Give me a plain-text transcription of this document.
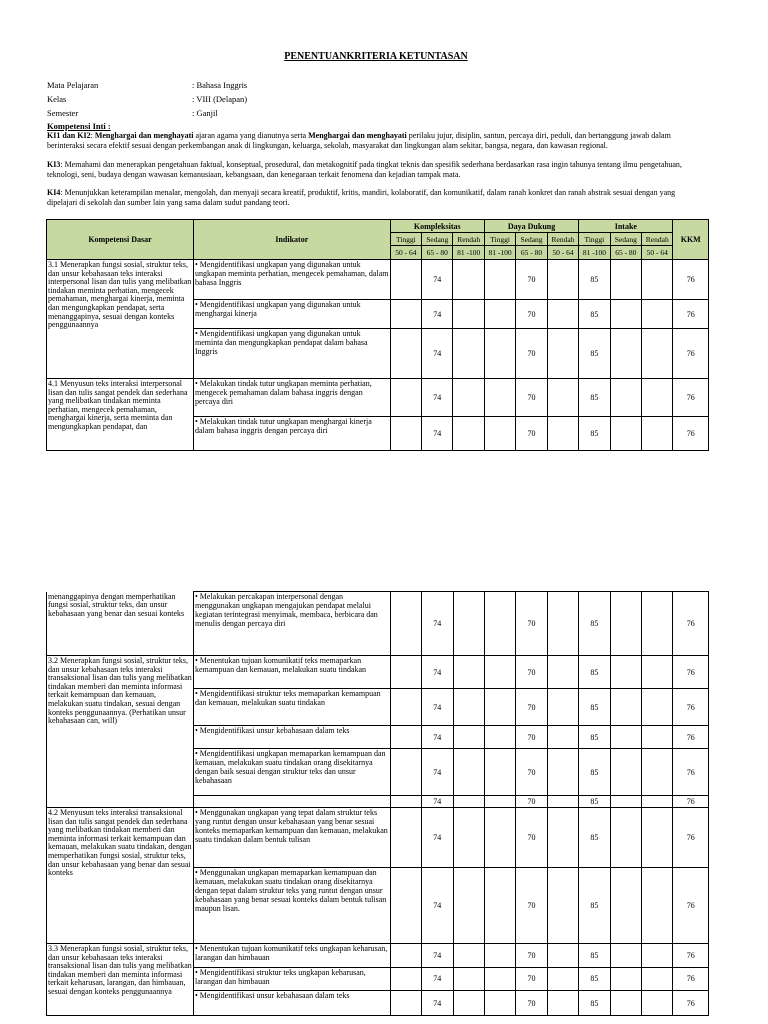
PENENTUANKRITERIA KETUNTASAN
Mata Pelajaran	: Bahasa Inggris
Kelas	: VIII (Delapan)
Semester	: Ganjil
Kompetensi Inti :
KI1 dan KI2: Menghargai dan menghayati ajaran agama yang dianutnya serta Menghargai dan menghayati perilaku jujur, disiplin, santun, percaya diri, peduli, dan bertanggung jawab dalam berinteraksi secara efektif sesuai dengan perkembangan anak di lingkungan, keluarga, sekolah, masyarakat dan lingkungan alam sekitar, bangsa, negara, dan kawasan regional.
KI3: Memahami dan menerapkan pengetahuan faktual, konseptual, prosedural, dan metakognitif pada tingkat teknis dan spesifik sederhana berdasarkan rasa ingin tahunya tentang ilmu pengetahuan, teknologi, seni, budaya dengan wawasan kemanusiaan, kebangsaan, dan kenegaraan terkait fenomena dan kejadian tampak mata.
KI4: Menunjukkan keterampilan menalar, mengolah, dan menyaji secara kreatif, produktif, kritis, mandiri, kolaboratif, dan komunikatif, dalam ranah konkret dan ranah abstrak sesuai dengan yang dipelajari di sekolah dan sumber lain yang sama dalam sudut pandang teori.
Kompetensi Dasar	Indikator	Kompleksitas			Daya Dukung			Intake			KKM
		Tinggi	Sedang	Rendah	Tinggi	Sedang	Rendah	Tinggi	Sedang	Rendah	
		50 - 64	65 - 80	81 -100	81 -100	65 - 80	50 - 64	81 -100	65 - 80	50 - 64	
3.1 Menerapkan fungsi sosial, struktur teks, dan unsur kebahasaan teks interaksi interpersonal lisan dan tulis yang melibatkan tindakan meminta perhatian, mengecek pemahaman, menghargai kinerja, meminta dan mengungkapkan pendapat, serta menanggapinya, sesuai dengan konteks penggunaannya	• Mengidentifikasi ungkapan yang digunakan untuk ungkapan meminta perhatian, mengecek pemahaman, dalam bahasa Inggris		74			70		85			76
	• Mengidentifikasi ungkapan yang digunakan untuk menghargai kinerja		74			70		85			76
	• Mengidentifikasi ungkapan yang digunakan untuk meminta dan mengungkapkan pendapat dalam bahasa Inggris		74			70		85			76

4.1 Menyusun teks interaksi interpersonal lisan dan tulis sangat pendek dan sederhana yang melibatkan tindakan meminta perhatian, mengecek pemahaman, menghargai kinerja, serta meminta dan mengungkapkan pendapat, dan	• Melakukan tindak tutur ungkapan meminta perhatian, mengecek pemahaman dalam bahasa inggris dengan percaya diri		74			70		85			76
	• Melakukan tindak tutur ungkapan menghargai kinerja dalam bahasa inggris dengan percaya diri		74			70		85			76
menanggapinya dengan memperhatikan fungsi sosial, struktur teks, dan unsur kebahasaan yang benar dan sesuai konteks	• Melakukan percakapan interpersonal dengan menggunakan ungkapan mengajukan pendapat melalui kegiatan terintegrasi menyimak, membaca, berbicara dan menulis dengan percaya diri		74			70		85			76
3.2 Menerapkan fungsi sosial, struktur teks, dan unsur kebahasaan teks interaksi transaksional lisan dan tulis yang melibatkan tindakan memberi dan meminta informasi terkait kemampuan dan kemauan, melakukan suatu tindakan, sesuai dengan konteks penggunaannya. (Perhatikan unsur kebahasaan can, will)	• Menentukan tujuan komunikatif teks memaparkan kemampuan dan kemauan, melakukan suatu tindakan		74			70		85			76
	• Mengidentifikasi struktur teks memaparkan kemampuan dan kemauan, melakukan suatu tindakan		74			70		85			76
	• Mengidentifikasi unsur kebahasaan dalam teks		74			70		85			76
	• Mengidentifikasi ungkapan memaparkan kemampuan dan kemauan, melakukan suatu tindakan orang disekitarnya dengan baik sesuai dengan struktur teks dan unsur kebahasaan		74			70		85			76
			74			70		85			76
4.2 Menyusun teks interaksi transaksional lisan dan tulis sangat pendek dan sederhana yang melibatkan tindakan memberi dan meminta informasi terkait kemampuan dan kemauan, melakukan suatu tindakan, dengan memperhatikan fungsi sosial, struktur teks, dan unsur kebahasaan yang benar dan sesuai konteks	• Menggunakan ungkapan yang tepat dalam struktur teks yang runtut dengan unsur kebahasaan yang benar sesuai konteks memaparkan kemampuan dan kemauan, melakukan suatu tindakan dalam bentuk tulisan		74			70		85			76
	• Menggunakan ungkapan memaparkan kemampuan dan kemauan, melakukan suatu tindakan orang disekitarnya dengan tepat dalam struktur teks yang runtut dengan unsur kebahasaan yang benar sesuai konteks dalam bentuk tulisan maupun lisan.		74			70		85			76

3.3 Menerapkan fungsi sosial, struktur teks, dan unsur kebahasaan teks interaksi transaksional lisan dan tulis yang melibatkan tindakan memberi dan meminta informasi terkait keharusan, larangan, dan himbauan, sesuai dengan konteks penggunaannya	• Menentukan tujuan komunikatif teks ungkapan keharusan, larangan dan himbauan		74			70		85			76
	• Mengidentifikasi struktur teks ungkapan keharusan, larangan dan himbauan		74			70		85			76
	• Mengidentifikasi unsur kebahasaan dalam teks		74			70		85			76
